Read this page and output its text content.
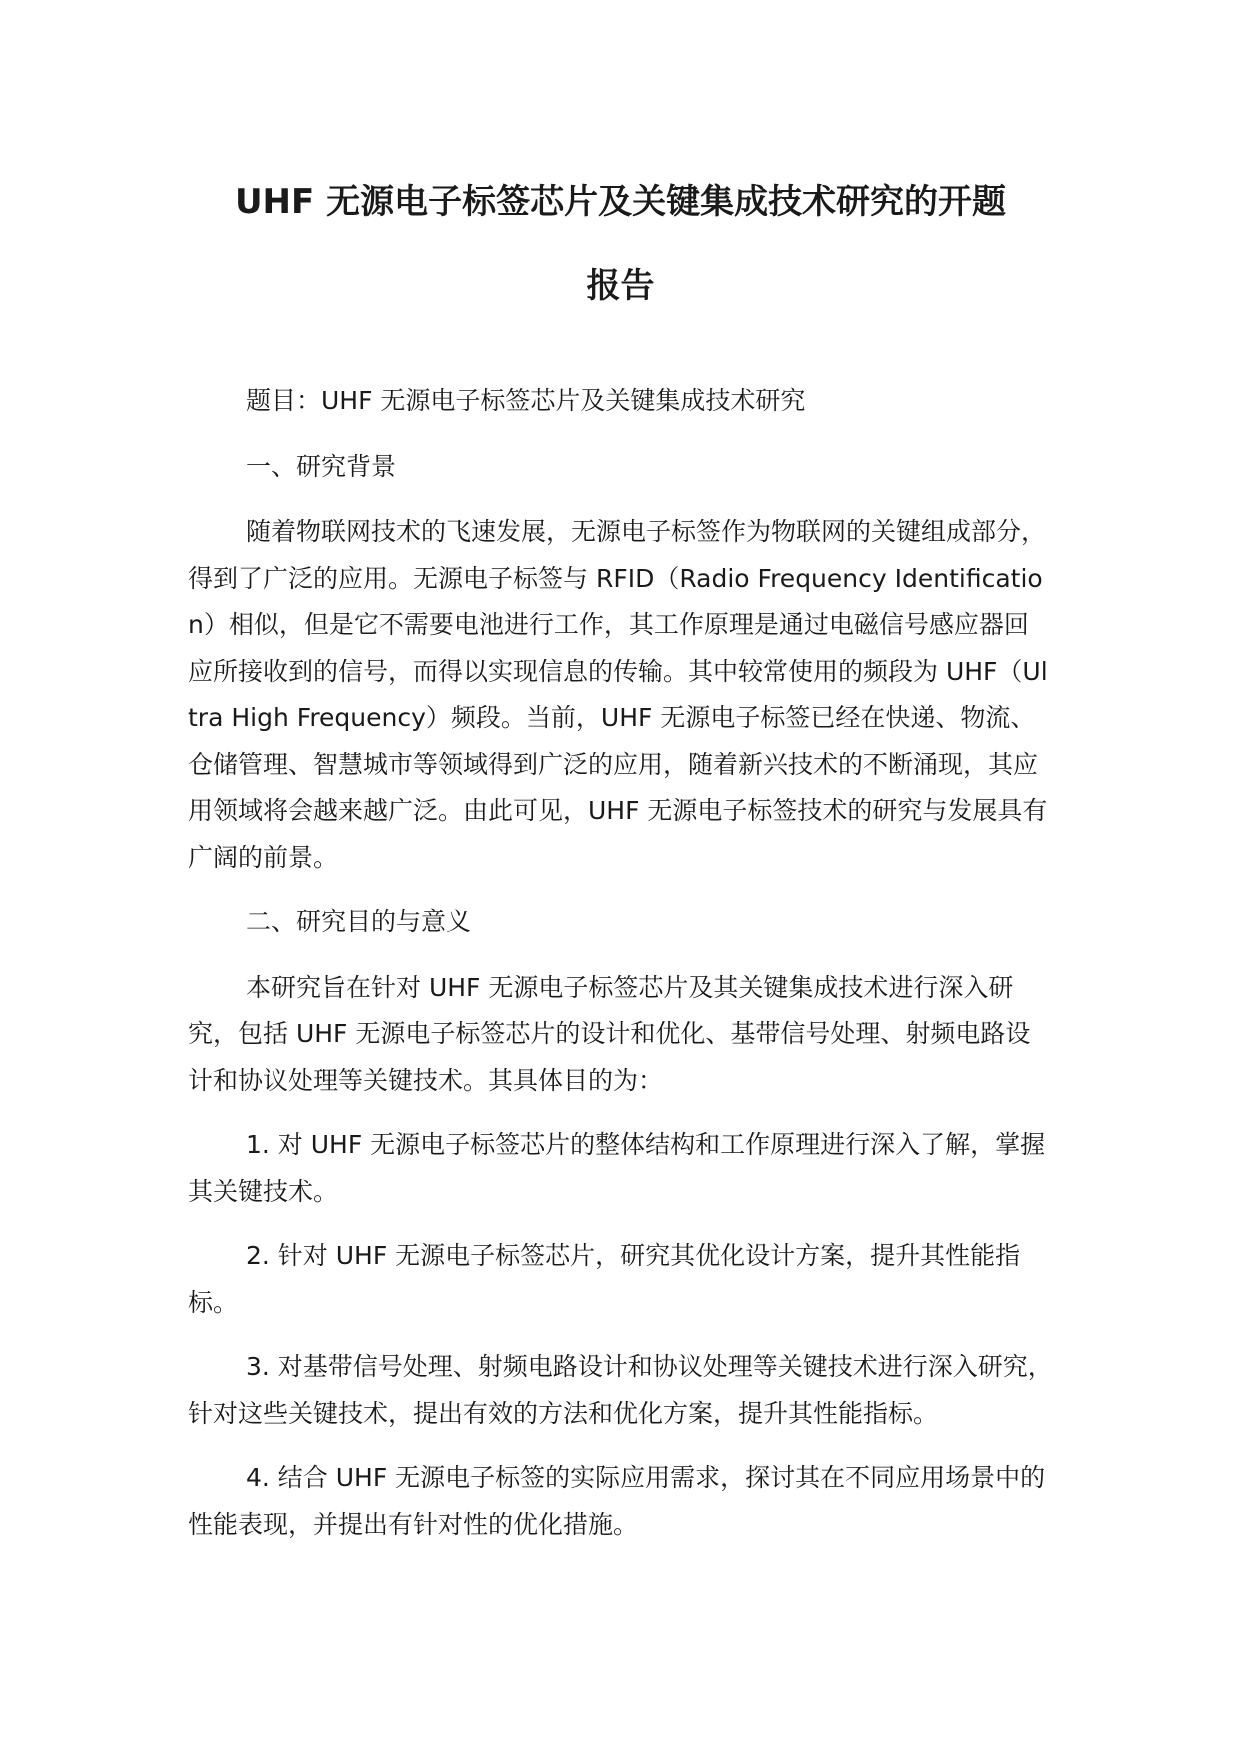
UHF 无源电子标签芯片及关键集成技术研究的开题
报告

题目：UHF 无源电子标签芯片及关键集成技术研究

一、研究背景

随着物联网技术的飞速发展，无源电子标签作为物联网的关键组成部分，得到了广泛的应用。无源电子标签与 RFID（Radio Frequency Identification）相似，但是它不需要电池进行工作，其工作原理是通过电磁信号感应器回应所接收到的信号，而得以实现信息的传输。其中较常使用的频段为 UHF（Ultra High Frequency）频段。当前，UHF 无源电子标签已经在快递、物流、仓储管理、智慧城市等领域得到广泛的应用，随着新兴技术的不断涌现，其应用领域将会越来越广泛。由此可见，UHF 无源电子标签技术的研究与发展具有广阔的前景。

二、研究目的与意义

本研究旨在针对 UHF 无源电子标签芯片及其关键集成技术进行深入研究，包括 UHF 无源电子标签芯片的设计和优化、基带信号处理、射频电路设计和协议处理等关键技术。其具体目的为：

1. 对 UHF 无源电子标签芯片的整体结构和工作原理进行深入了解，掌握其关键技术。

2. 针对 UHF 无源电子标签芯片，研究其优化设计方案，提升其性能指标。

3. 对基带信号处理、射频电路设计和协议处理等关键技术进行深入研究，针对这些关键技术，提出有效的方法和优化方案，提升其性能指标。

4. 结合 UHF 无源电子标签的实际应用需求，探讨其在不同应用场景中的性能表现，并提出有针对性的优化措施。
